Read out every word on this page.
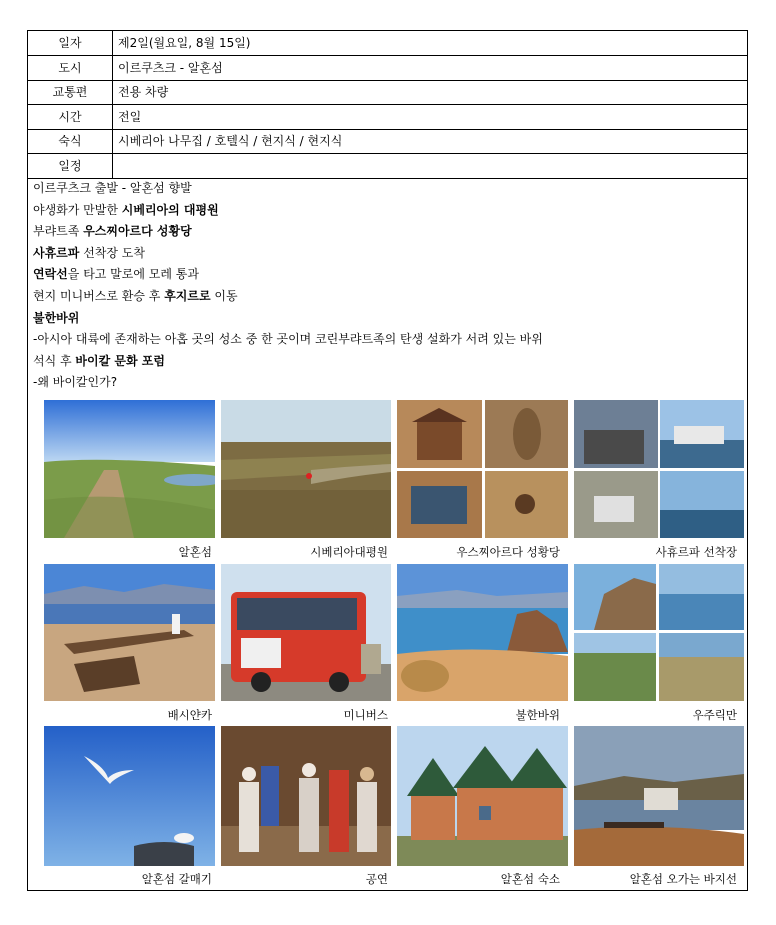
일자	제2일(월요일, 8월 15일)
도시	이르쿠츠크 - 알혼섬
교통편	전용 차량
시간	전일
숙식	시베리아 나무집 / 호텔식 / 현지식 / 현지식
일정
이르쿠츠크 출발 - 알혼섬 향발
야생화가 만발한 시베리아의 대평원
부랴트족 우스찌아르다 성황당
사휴르파 선착장 도착
연락선을 타고 말로에 모레 통과
현지 미니버스로 환승 후 후지르로 이동
불한바위
-아시아 대륙에 존재하는 아홉 곳의 성소 중 한 곳이며 코린부랴트족의 탄생 설화가 서려 있는 바위
석식 후 바이칼 문화 포럼
-왜 바이칼인가?
알혼섬	시베리아대평원	우스찌아르다 성황당	사휴르파 선착장
배시얀카	미니버스	불한바위	우주릭만
알혼섬 갈매기	공연	알혼섬 숙소	알혼섬 오가는 바지선
